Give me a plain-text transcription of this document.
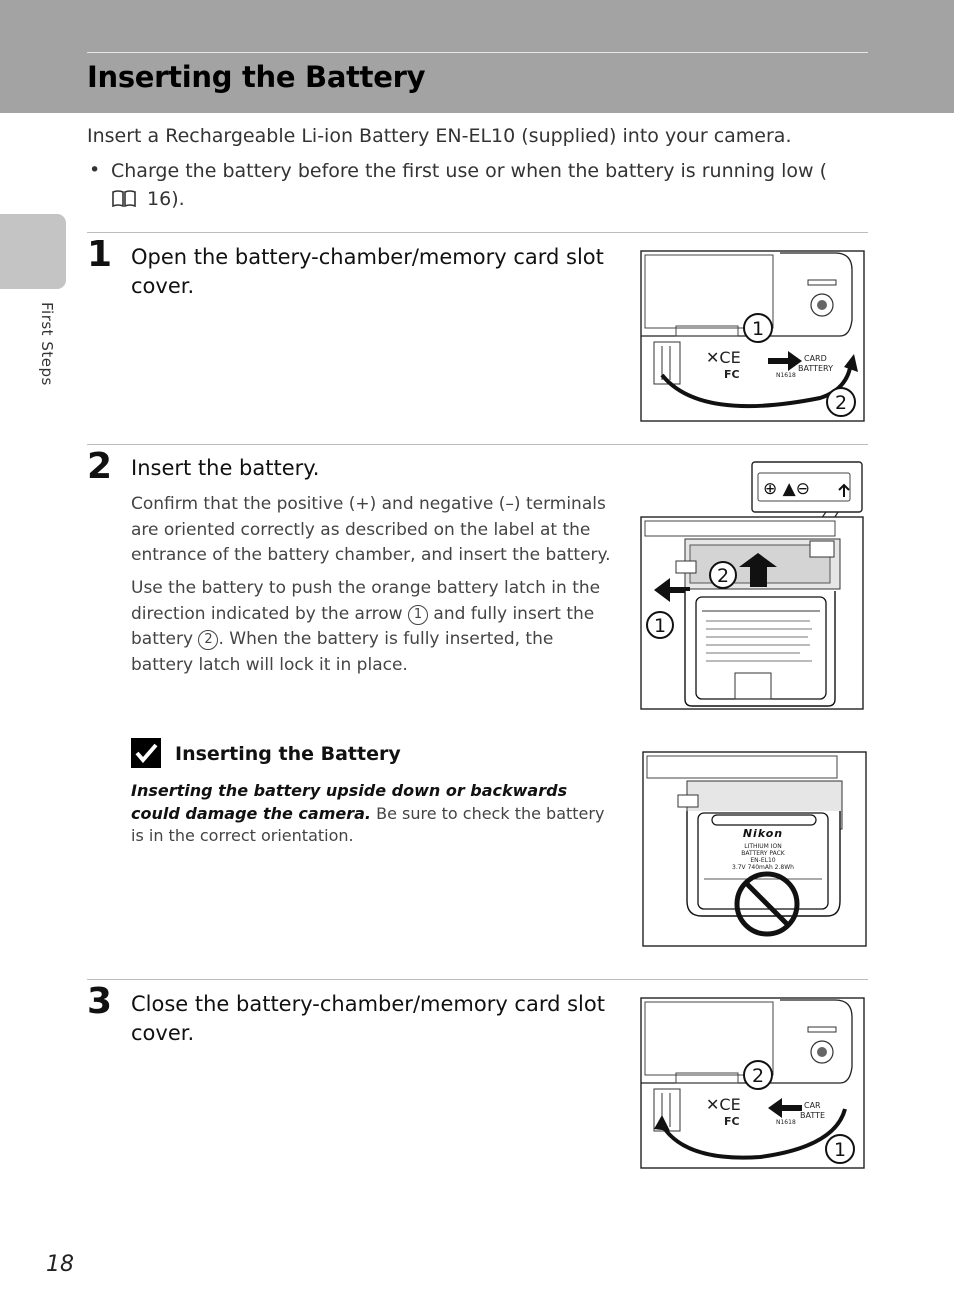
Inserting the Battery
First Steps
Insert a Rechargeable Li-ion Battery EN-EL10 (supplied) into your camera.
• Charge the battery before the first use or when the battery is running low ( 16).
1 Open the battery-chamber/memory card slot cover.
✕CE
FC
CARD
BATTERY
N1618
1
2
2 Insert the battery.
Confirm that the positive (+) and negative (–) terminals are oriented correctly as described on the label at the entrance of the battery chamber, and insert the battery.
Use the battery to push the orange battery latch in the direction indicated by the arrow 1 and fully insert the battery 2 . When the battery is fully inserted, the battery latch will lock it in place.
⊕ ▲⊖
1
2
Inserting the Battery
Inserting the battery upside down or backwards could damage the camera. Be sure to check the battery is in the correct orientation.	Nikon
LITHIUM ION
BATTERY PACK
EN-EL10
3.7V 740mAh 2.8Wh
3 Close the battery-chamber/memory card slot cover.
✕CE
FC
CAR
BATTE
N1618
2
1
18
